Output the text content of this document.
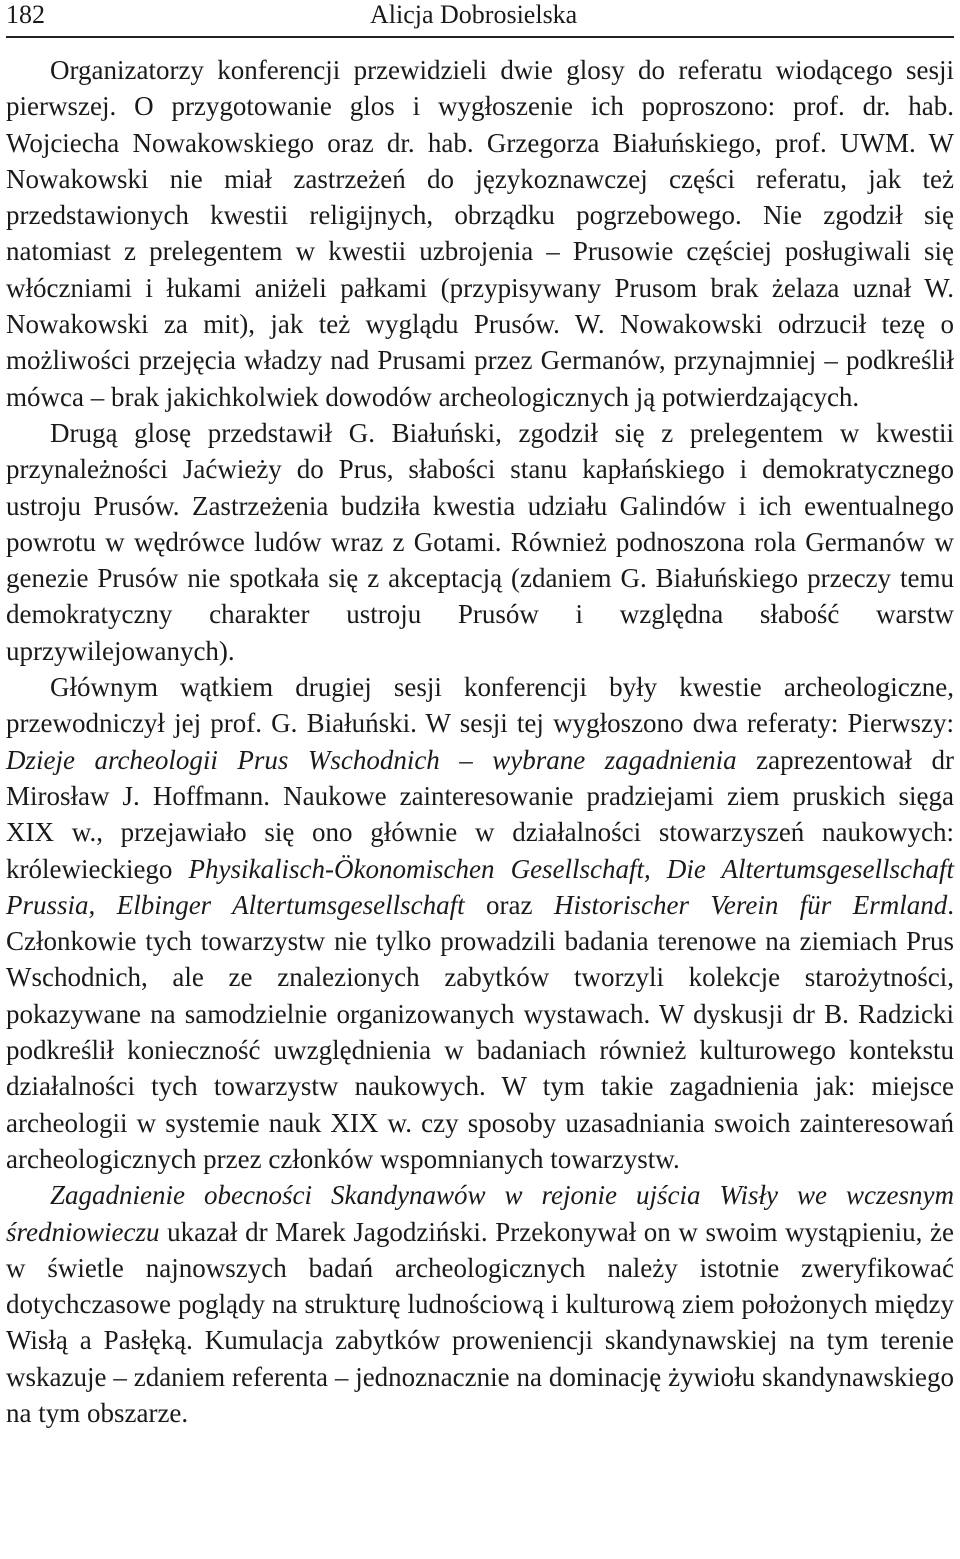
182	Alicja Dobrosielska

Organizatorzy konferencji przewidzieli dwie glosy do referatu wiodącego sesji pierwszej. O przygotowanie glos i wygłoszenie ich poproszono: prof. dr. hab. Wojciecha Nowakowskiego oraz dr. hab. Grzegorza Białuńskiego, prof. UWM. W Nowakowski nie miał zastrzeżeń do językoznawczej części referatu, jak też przedstawionych kwestii religijnych, obrządku pogrzebowego. Nie zgodził się natomiast z prelegentem w kwestii uzbrojenia – Prusowie częściej posługiwali się włóczniami i łukami aniżeli pałkami (przypisywany Prusom brak żelaza uznał W. Nowakowski za mit), jak też wyglądu Prusów. W. Nowakowski odrzucił tezę o możliwości przejęcia władzy nad Prusami przez Germanów, przynajmniej – podkreślił mówca – brak jakichkolwiek dowodów archeologicznych ją potwierdzających.

Drugą glosę przedstawił G. Białuński, zgodził się z prelegentem w kwestii przynależności Jaćwieży do Prus, słabości stanu kapłańskiego i demokratycznego ustroju Prusów. Zastrzeżenia budziła kwestia udziału Galindów i ich ewentualnego powrotu w wędrówce ludów wraz z Gotami. Również podnoszona rola Germanów w genezie Prusów nie spotkała się z akceptacją (zdaniem G. Białuńskiego przeczy temu demokratyczny charakter ustroju Prusów i względna słabość warstw uprzywilejowanych).

Głównym wątkiem drugiej sesji konferencji były kwestie archeologiczne, przewodniczył jej prof. G. Białuński. W sesji tej wygłoszono dwa referaty: Pierwszy: Dzieje archeologii Prus Wschodnich – wybrane zagadnienia zaprezentował dr Mirosław J. Hoffmann. Naukowe zainteresowanie pradziejami ziem pruskich sięga XIX w., przejawiało się ono głównie w działalności stowarzyszeń naukowych: królewieckiego Physikalisch-Ökonomischen Gesellschaft, Die Altertumsgesellschaft Prussia, Elbinger Altertumsgesellschaft oraz Historischer Verein für Ermland. Członkowie tych towarzystw nie tylko prowadzili badania terenowe na ziemiach Prus Wschodnich, ale ze znalezionych zabytków tworzyli kolekcje starożytności, pokazywane na samodzielnie organizowanych wystawach. W dyskusji dr B. Radzicki podkreślił konieczność uwzględnienia w badaniach również kulturowego kontekstu działalności tych towarzystw naukowych. W tym takie zagadnienia jak: miejsce archeologii w systemie nauk XIX w. czy sposoby uzasadniania swoich zainteresowań archeologicznych przez członków wspomnianych towarzystw.

Zagadnienie obecności Skandynawów w rejonie ujścia Wisły we wczesnym średniowieczu ukazał dr Marek Jagodziński. Przekonywał on w swoim wystąpieniu, że w świetle najnowszych badań archeologicznych należy istotnie zweryfikować dotychczasowe poglądy na strukturę ludnościową i kulturową ziem położonych między Wisłą a Pasłęką. Kumulacja zabytków proweniencji skandynawskiej na tym terenie wskazuje – zdaniem referenta – jednoznacznie na dominację żywiołu skandynawskiego na tym obszarze.
